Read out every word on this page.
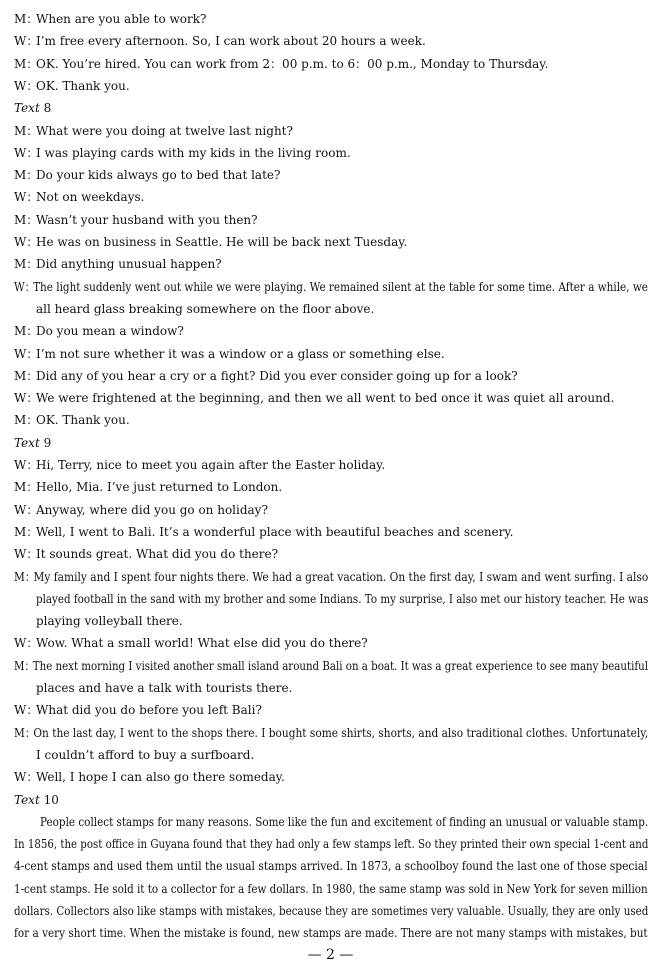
M：When are you able to work?
W：I’m free every afternoon. So, I can work about 20 hours a week.
M：OK. You’re hired. You can work from 2：00 p.m. to 6：00 p.m., Monday to Thursday.
W：OK. Thank you.
Text 8
M：What were you doing at twelve last night?
W：I was playing cards with my kids in the living room.
M：Do your kids always go to bed that late?
W：Not on weekdays.
M：Wasn’t your husband with you then?
W：He was on business in Seattle. He will be back next Tuesday.
M：Did anything unusual happen?
W：The light suddenly went out while we were playing. We remained silent at the table for some time. After a while, we
all heard glass breaking somewhere on the floor above.
M：Do you mean a window?
W：I’m not sure whether it was a window or a glass or something else.
M：Did any of you hear a cry or a fight? Did you ever consider going up for a look?
W：We were frightened at the beginning, and then we all went to bed once it was quiet all around.
M：OK. Thank you.
Text 9
W：Hi, Terry, nice to meet you again after the Easter holiday.
M：Hello, Mia. I’ve just returned to London.
W：Anyway, where did you go on holiday?
M：Well, I went to Bali. It’s a wonderful place with beautiful beaches and scenery.
W：It sounds great. What did you do there?
M：My family and I spent four nights there. We had a great vacation. On the first day, I swam and went surfing. I also
played football in the sand with my brother and some Indians. To my surprise, I also met our history teacher. He was
playing volleyball there.
W：Wow. What a small world! What else did you do there?
M：The next morning I visited another small island around Bali on a boat. It was a great experience to see many beautiful
places and have a talk with tourists there.
W：What did you do before you left Bali?
M：On the last day, I went to the shops there. I bought some shirts, shorts, and also traditional clothes. Unfortunately,
I couldn’t afford to buy a surfboard.
W：Well, I hope I can also go there someday.
Text 10
People collect stamps for many reasons. Some like the fun and excitement of finding an unusual or valuable stamp.
In 1856, the post office in Guyana found that they had only a few stamps left. So they printed their own special 1-cent and
4-cent stamps and used them until the usual stamps arrived. In 1873, a schoolboy found the last one of those special
1-cent stamps. He sold it to a collector for a few dollars. In 1980, the same stamp was sold in New York for seven million
dollars. Collectors also like stamps with mistakes, because they are sometimes very valuable. Usually, they are only used
for a very short time. When the mistake is found, new stamps are made. There are not many stamps with mistakes, but
— 2 —
